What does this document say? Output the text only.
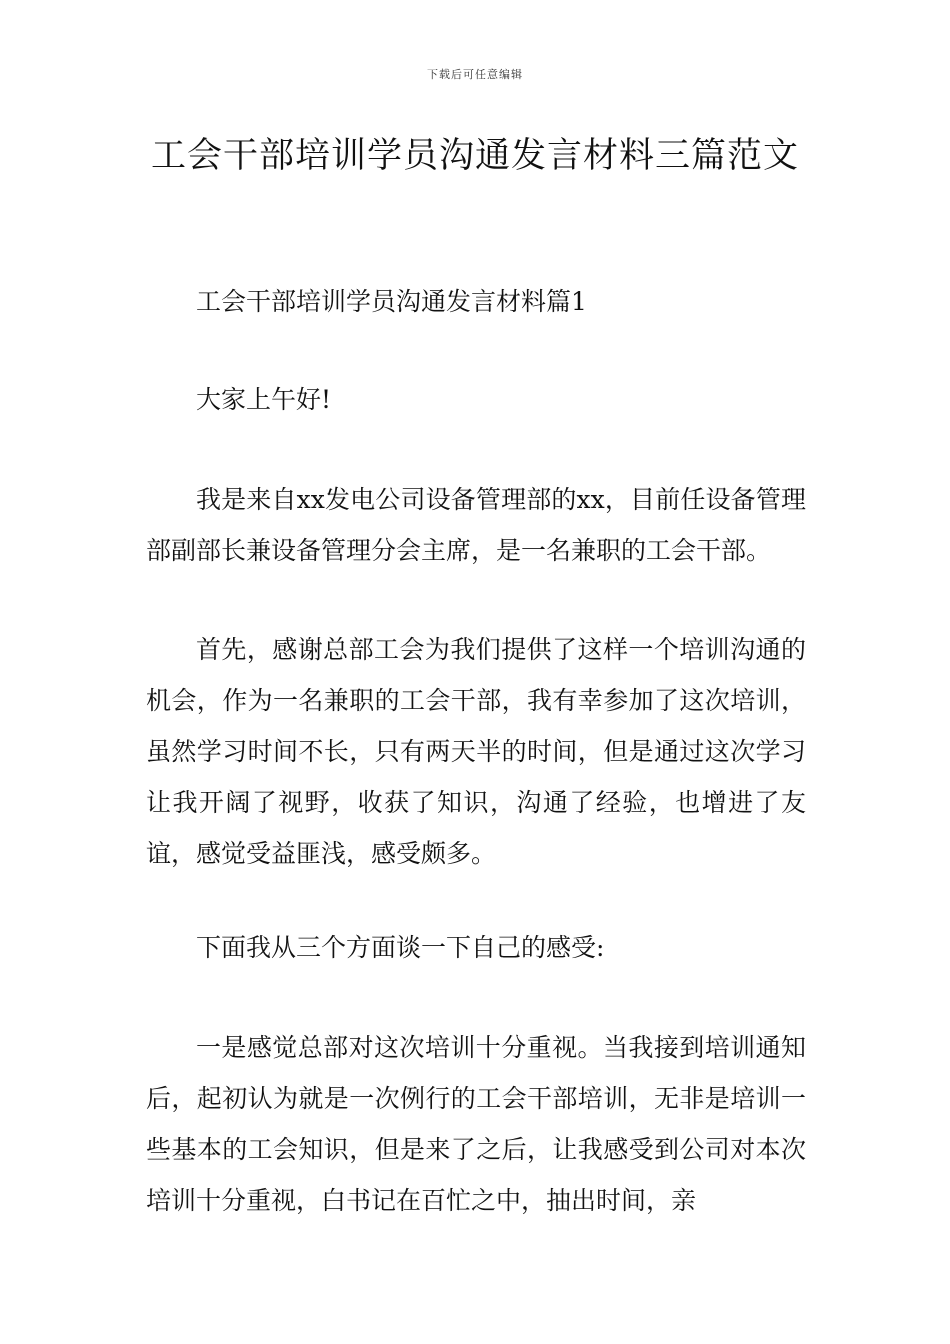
下载后可任意编辑
工会干部培训学员沟通发言材料三篇范文

工会干部培训学员沟通发言材料篇1

大家上午好!

我是来自xx发电公司设备管理部的xx，目前任设备管理部副部长兼设备管理分会主席，是一名兼职的工会干部。

首先，感谢总部工会为我们提供了这样一个培训沟通的机会，作为一名兼职的工会干部，我有幸参加了这次培训，虽然学习时间不长，只有两天半的时间，但是通过这次学习让我开阔了视野，收获了知识，沟通了经验，也增进了友谊，感觉受益匪浅，感受颇多。

下面我从三个方面谈一下自己的感受:

一是感觉总部对这次培训十分重视。当我接到培训通知后，起初认为就是一次例行的工会干部培训，无非是培训一些基本的工会知识，但是来了之后，让我感受到公司对本次培训十分重视，白书记在百忙之中，抽出时间，亲
